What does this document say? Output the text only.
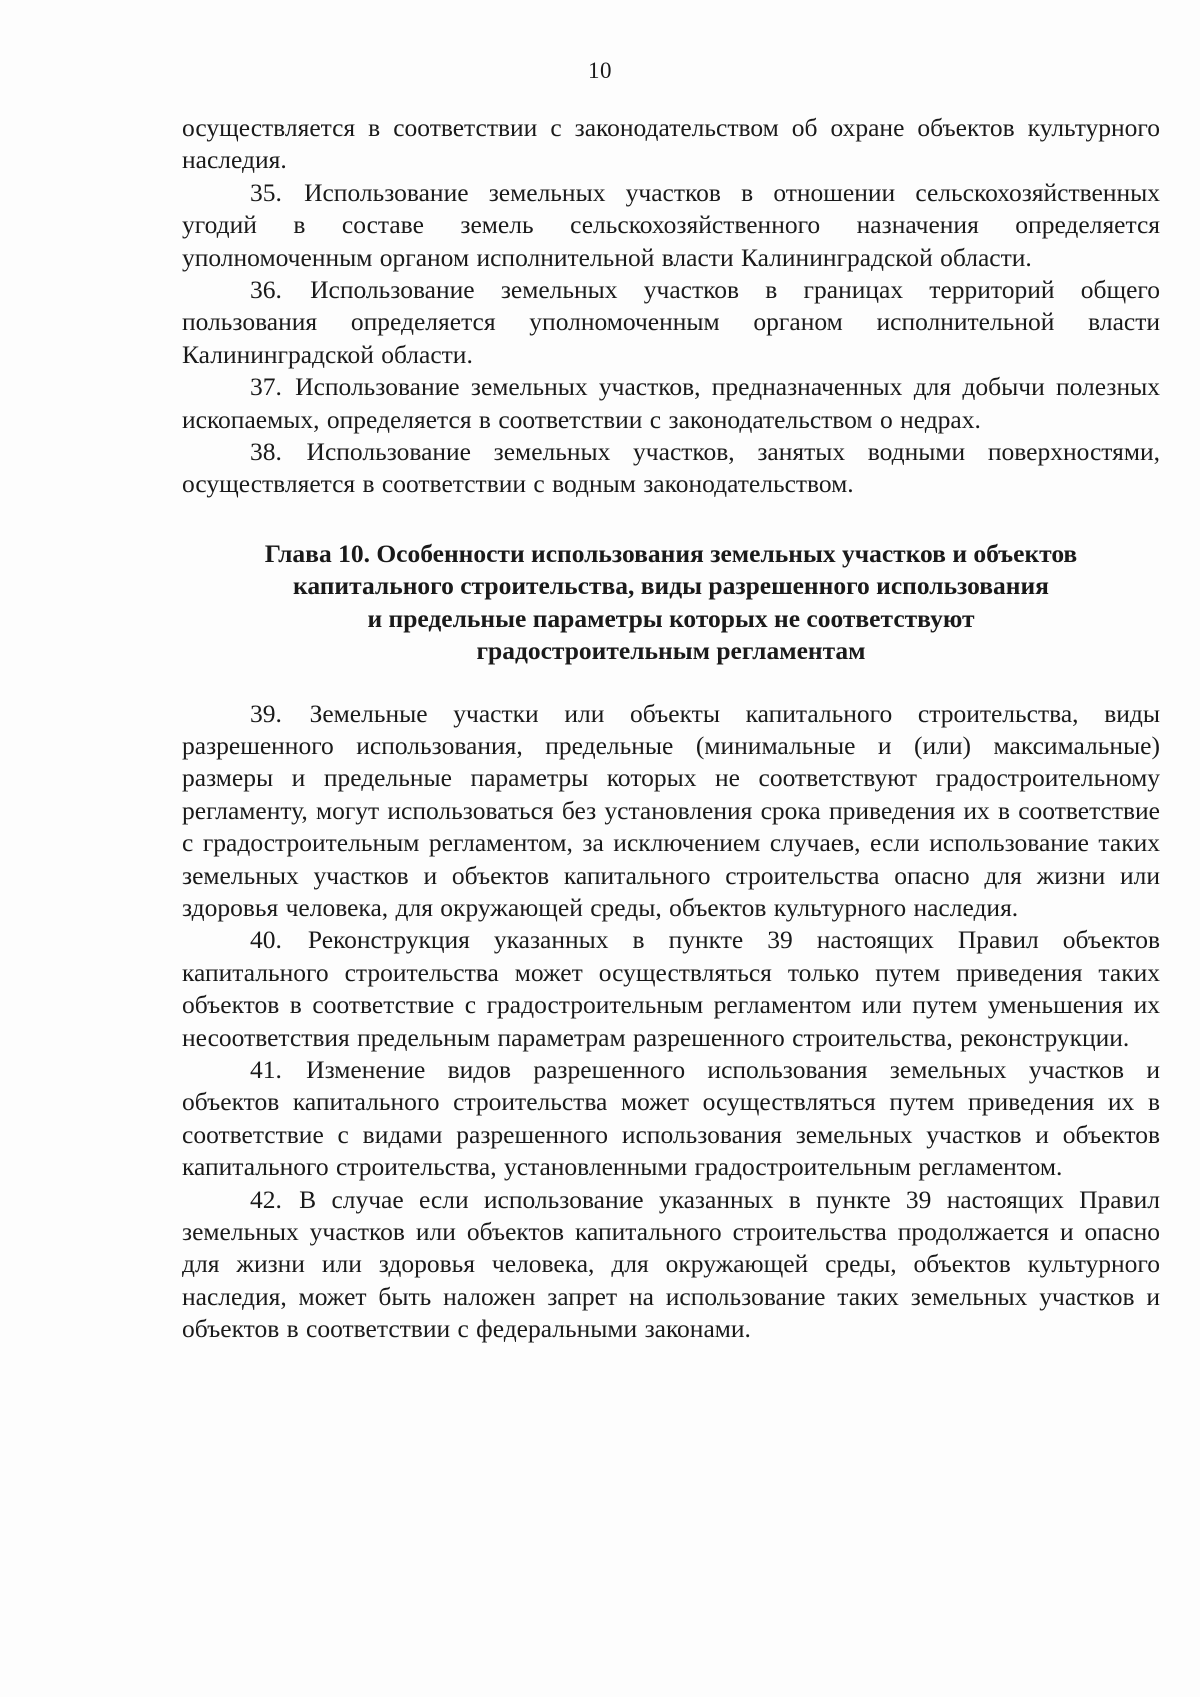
10

осуществляется в соответствии с законодательством об охране объектов культурного наследия.

35. Использование земельных участков в отношении сельскохозяйственных угодий в составе земель сельскохозяйственного назначения определяется уполномоченным органом исполнительной власти Калининградской области.

36. Использование земельных участков в границах территорий общего пользования определяется уполномоченным органом исполнительной власти Калининградской области.

37. Использование земельных участков, предназначенных для добычи полезных ископаемых, определяется в соответствии с законодательством о недрах.

38. Использование земельных участков, занятых водными поверхностями, осуществляется в соответствии с водным законодательством.

Глава 10. Особенности использования земельных участков и объектов
капитального строительства, виды разрешенного использования
и предельные параметры которых не соответствуют
градостроительным регламентам

39. Земельные участки или объекты капитального строительства, виды разрешенного использования, предельные (минимальные и (или) максимальные) размеры и предельные параметры которых не соответствуют градостроительному регламенту, могут использоваться без установления срока приведения их в соответствие с градостроительным регламентом, за исключением случаев, если использование таких земельных участков и объектов капитального строительства опасно для жизни или здоровья человека, для окружающей среды, объектов культурного наследия.

40. Реконструкция указанных в пункте 39 настоящих Правил объектов капитального строительства может осуществляться только путем приведения таких объектов в соответствие с градостроительным регламентом или путем уменьшения их несоответствия предельным параметрам разрешенного строительства, реконструкции.

41. Изменение видов разрешенного использования земельных участков и объектов капитального строительства может осуществляться путем приведения их в соответствие с видами разрешенного использования земельных участков и объектов капитального строительства, установленными градостроительным регламентом.

42. В случае если использование указанных в пункте 39 настоящих Правил земельных участков или объектов капитального строительства продолжается и опасно для жизни или здоровья человека, для окружающей среды, объектов культурного наследия, может быть наложен запрет на использование таких земельных участков и объектов в соответствии с федеральными законами.
